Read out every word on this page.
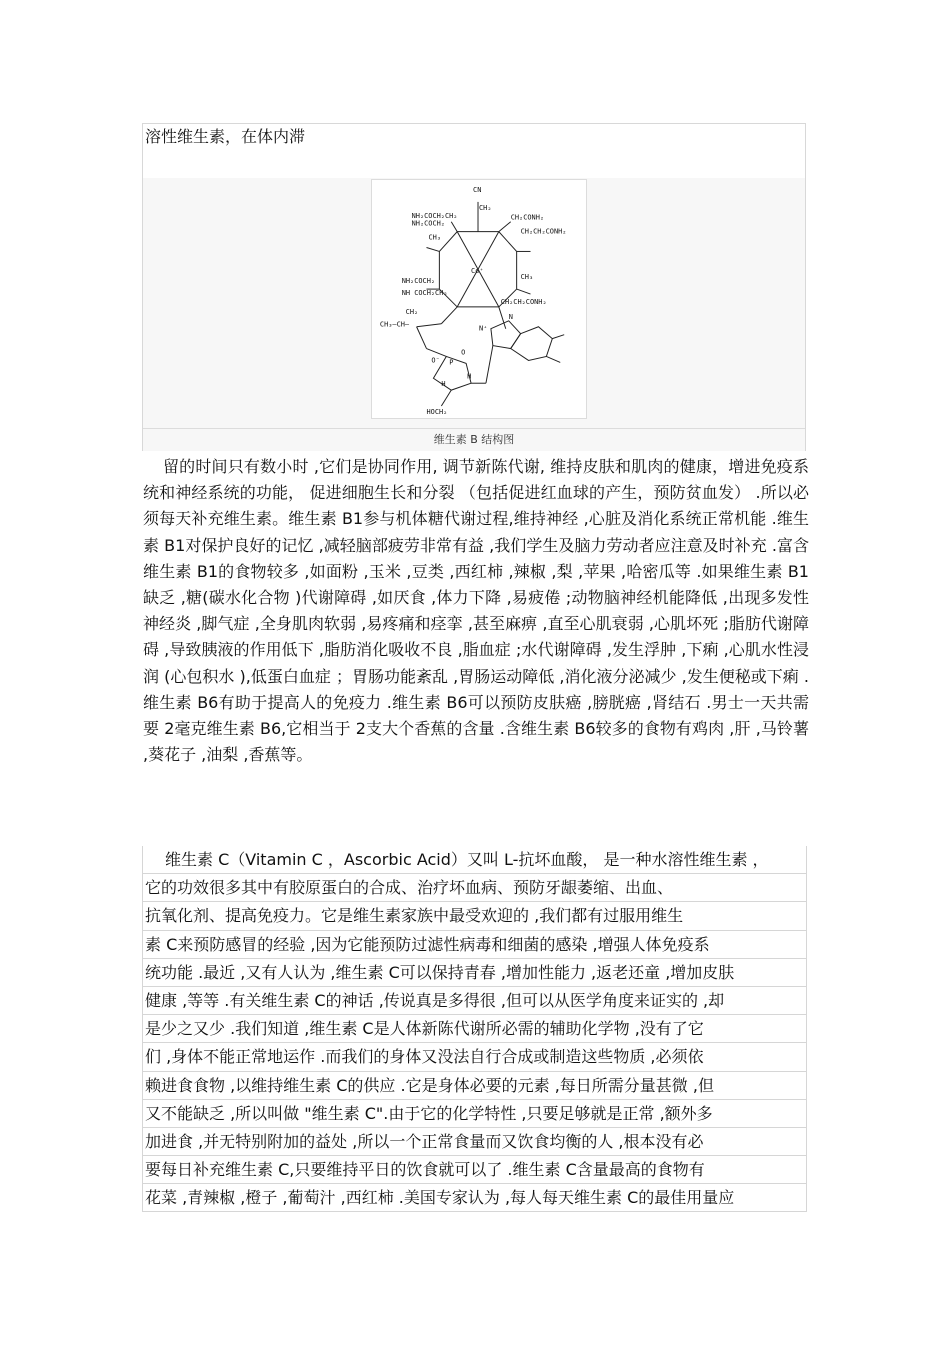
溶性维生素，在体内滞
CN
CH₂
NH₂COCH₂CH₂
NH₂COCH₂
CH₂CONH₂
CH₃
CH₂CH₂CONH₂
Co⁺
NH₂COCH₂
NH COCH₂CH₂
CH₂CH₂CONH₂
CH₃
CH₂
CH₃—CH—
N
N⁺
HOCH₂
O
P
O⁻
H
H
维生素 B 结构图

留的时间只有数小时 ,它们是协同作用, 调节新陈代谢, 维持皮肤和肌肉的健康，增进免疫系统和神经系统的功能， 促进细胞生长和分裂 （包括促进红血球的产生，预防贫血发） .所以必须每天补充维生素。维生素 B1参与机体糖代谢过程,维持神经 ,心脏及消化系统正常机能 .维生素 B1对保护良好的记忆 ,减轻脑部疲劳非常有益 ,我们学生及脑力劳动者应注意及时补充 .富含维生素 B1的食物较多 ,如面粉 ,玉米 ,豆类 ,西红柿 ,辣椒 ,梨 ,苹果 ,哈密瓜等 .如果维生素 B1缺乏 ,糖(碳水化合物 )代谢障碍 ,如厌食 ,体力下降 ,易疲倦 ;动物脑神经机能降低 ,出现多发性神经炎 ,脚气症 ,全身肌肉软弱 ,易疼痛和痉挛 ,甚至麻痹 ,直至心肌衰弱 ,心肌坏死 ;脂肪代谢障碍 ,导致胰液的作用低下 ,脂肪消化吸收不良 ,脂血症 ;水代谢障碍 ,发生浮肿 ,下痢 ,心肌水性浸润 (心包积水 ),低蛋白血症 ；胃肠功能紊乱 ,胃肠运动障低 ,消化液分泌减少 ,发生便秘或下痢 .维生素 B6有助于提高人的免疫力 .维生素 B6可以预防皮肤癌 ,膀胱癌 ,肾结石 .男士一天共需要 2毫克维生素 B6,它相当于 2支大个香蕉的含量 .含维生素 B6较多的食物有鸡肉 ,肝 ,马铃薯 ,葵花子 ,油梨 ,香蕉等。

维生素 C（Vitamin C ，Ascorbic Acid）又叫 L-抗坏血酸， 是一种水溶性维生素 ，
它的功效很多其中有胶原蛋白的合成、治疗坏血病、预防牙龈萎缩、出血、
抗氧化剂、提高免疫力。它是维生素家族中最受欢迎的 ,我们都有过服用维生
素 C来预防感冒的经验 ,因为它能预防过滤性病毒和细菌的感染 ,增强人体免疫系
统功能 .最近 ,又有人认为 ,维生素 C可以保持青春 ,增加性能力 ,返老还童 ,增加皮肤
健康 ,等等 .有关维生素 C的神话 ,传说真是多得很 ,但可以从医学角度来证实的 ,却
是少之又少 .我们知道 ,维生素 C是人体新陈代谢所必需的辅助化学物 ,没有了它
们 ,身体不能正常地运作 .而我们的身体又没法自行合成或制造这些物质 ,必须依
赖进食食物 ,以维持维生素 C的供应 .它是身体必要的元素 ,每日所需分量甚微 ,但
又不能缺乏 ,所以叫做 "维生素 C".由于它的化学特性 ,只要足够就是正常 ,额外多
加进食 ,并无特别附加的益处 ,所以一个正常食量而又饮食均衡的人 ,根本没有必
要每日补充维生素 C,只要维持平日的饮食就可以了 .维生素 C含量最高的食物有
花菜 ,青辣椒 ,橙子 ,葡萄汁 ,西红柿 .美国专家认为 ,每人每天维生素 C的最佳用量应
